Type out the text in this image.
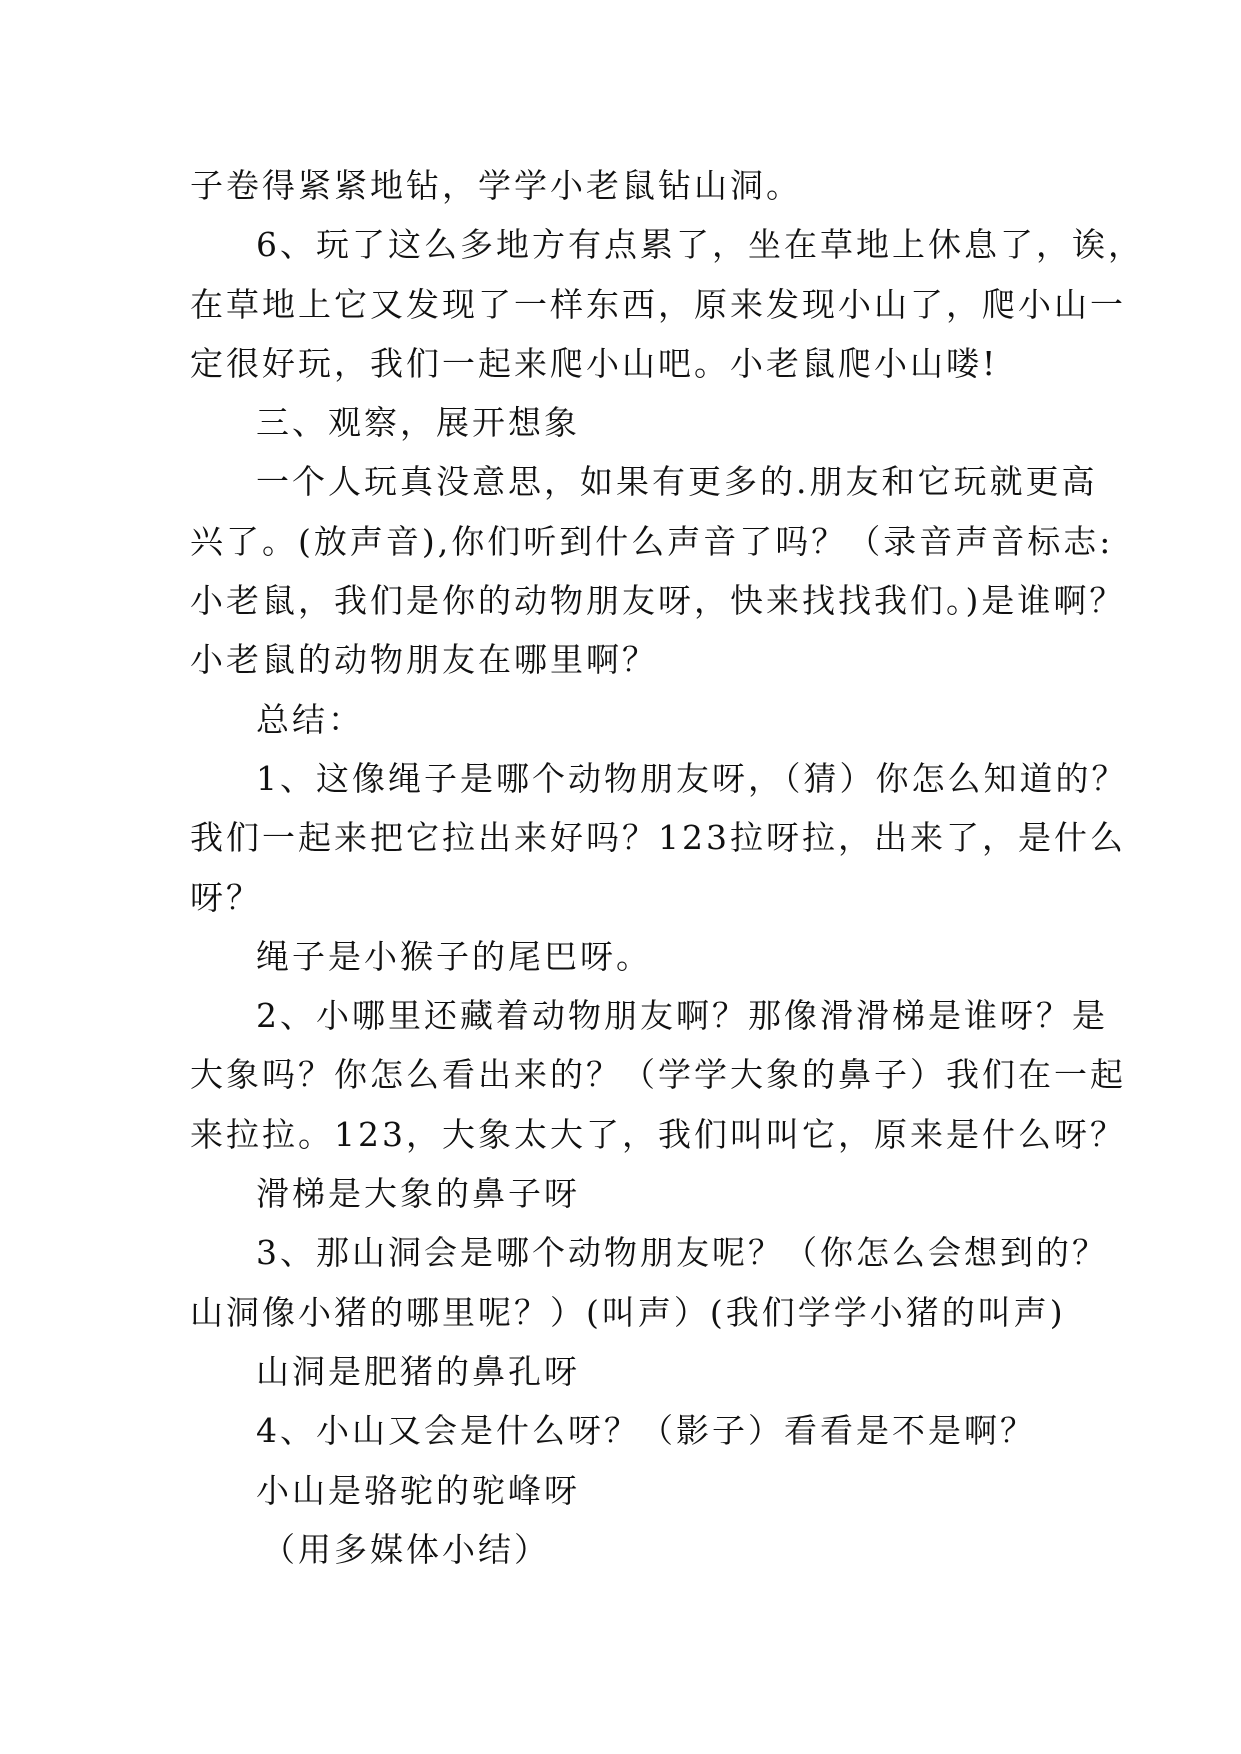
子卷得紧紧地钻，学学小老鼠钻山洞。
6、玩了这么多地方有点累了，坐在草地上休息了，诶，
在草地上它又发现了一样东西，原来发现小山了，爬小山一
定很好玩，我们一起来爬小山吧。小老鼠爬小山喽!
三、观察，展开想象
一个人玩真没意思，如果有更多的.朋友和它玩就更高
兴了。(放声音),你们听到什么声音了吗？（录音声音标志:
小老鼠，我们是你的动物朋友呀，快来找找我们。)是谁啊？
小老鼠的动物朋友在哪里啊？
总结：
1、这像绳子是哪个动物朋友呀，（猜）你怎么知道的？
我们一起来把它拉出来好吗？123拉呀拉，出来了，是什么
呀？
绳子是小猴子的尾巴呀。
2、小哪里还藏着动物朋友啊？那像滑滑梯是谁呀？是
大象吗？你怎么看出来的？（学学大象的鼻子）我们在一起
来拉拉。123，大象太大了，我们叫叫它，原来是什么呀？
滑梯是大象的鼻子呀
3、那山洞会是哪个动物朋友呢？（你怎么会想到的？
山洞像小猪的哪里呢？）(叫声）(我们学学小猪的叫声)
山洞是肥猪的鼻孔呀
4、小山又会是什么呀？（影子）看看是不是啊？
小山是骆驼的驼峰呀
（用多媒体小结）
